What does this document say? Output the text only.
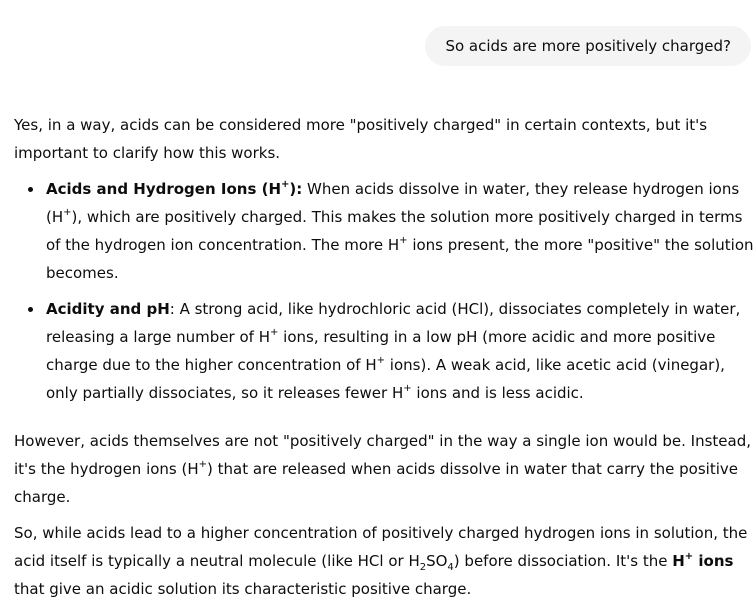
So acids are more positively charged?

Yes, in a way, acids can be considered more "positively charged" in certain contexts, but it's important to clarify how this works.

Acids and Hydrogen Ions (H+): When acids dissolve in water, they release hydrogen ions (H+), which are positively charged. This makes the solution more positively charged in terms of the hydrogen ion concentration. The more H+ ions present, the more "positive" the solution becomes.
Acidity and pH: A strong acid, like hydrochloric acid (HCl), dissociates completely in water, releasing a large number of H+ ions, resulting in a low pH (more acidic and more positive charge due to the higher concentration of H+ ions). A weak acid, like acetic acid (vinegar), only partially dissociates, so it releases fewer H+ ions and is less acidic.

However, acids themselves are not "positively charged" in the way a single ion would be. Instead, it's the hydrogen ions (H+) that are released when acids dissolve in water that carry the positive charge.

So, while acids lead to a higher concentration of positively charged hydrogen ions in solution, the acid itself is typically a neutral molecule (like HCl or $H_2SO_4$) before dissociation. It's the H+ ions that give an acidic solution its characteristic positive charge.
